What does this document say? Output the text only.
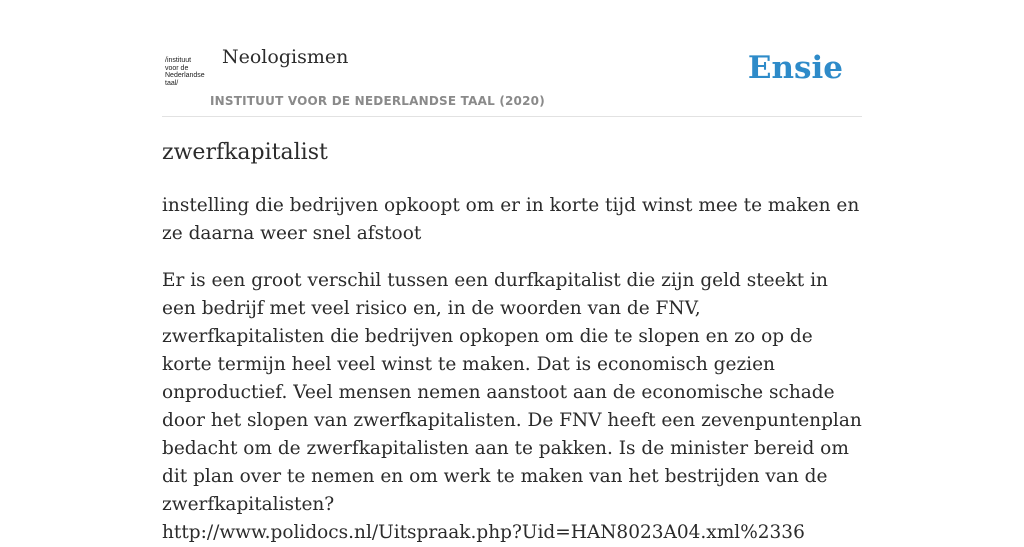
/instituut
voor de
Nederlandse
taal/
Neologismen
INSTITUUT VOOR DE NEDERLANDSE TAAL (2020)
Ensie
zwerfkapitalist

instelling die bedrijven opkoopt om er in korte tijd winst mee te maken en ze daarna weer snel afstoot

Er is een groot verschil tussen een durfkapitalist die zijn geld steekt in een bedrijf met veel risico en, in de woorden van de FNV, zwerfkapitalisten die bedrijven opkopen om die te slopen en zo op de korte termijn heel veel winst te maken. Dat is economisch gezien onproductief. Veel mensen nemen aanstoot aan de economische schade door het slopen van zwerfkapitalisten. De FNV heeft een zevenpuntenplan bedacht om de zwerfkapitalisten aan te pakken. Is de minister bereid om dit plan over te nemen en om werk te maken van het bestrijden van de zwerfkapitalisten?
http://www.polidocs.nl/Uitspraak.php?Uid=HAN8023A04.xml%2336
